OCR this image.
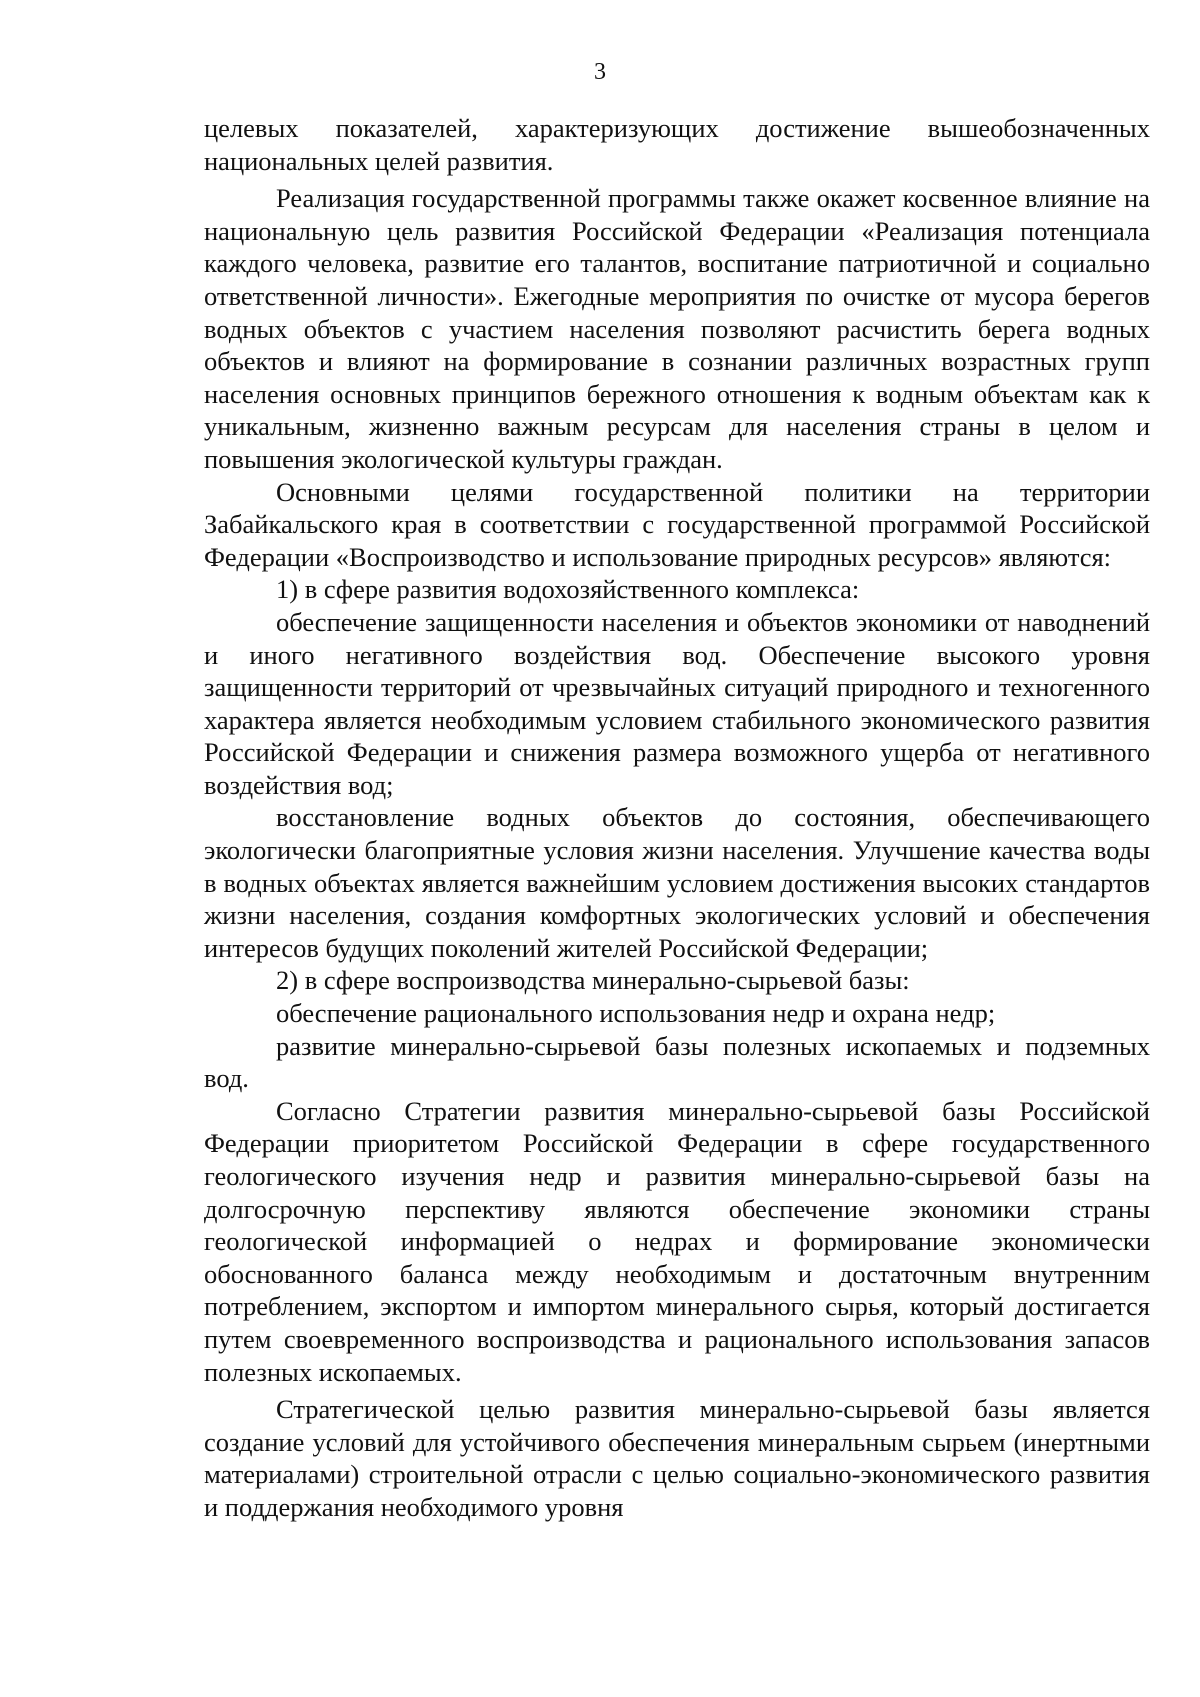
3

целевых показателей, характеризующих достижение вышеобозначенных национальных целей развития.

Реализация государственной программы также окажет косвенное влияние на национальную цель развития Российской Федерации «Реализация потенциала каждого человека, развитие его талантов, воспитание патриотичной и социально ответственной личности». Ежегодные мероприятия по очистке от мусора берегов водных объектов с участием населения позволяют расчистить берега водных объектов и влияют на формирование в сознании различных возрастных групп населения основных принципов бережного отношения к водным объектам как к уникальным, жизненно важным ресурсам для населения страны в целом и повышения экологической культуры граждан.

Основными целями государственной политики на территории Забайкальского края в соответствии с государственной программой Российской Федерации «Воспроизводство и использование природных ресурсов» являются:

1) в сфере развития водохозяйственного комплекса:

обеспечение защищенности населения и объектов экономики от наводнений и иного негативного воздействия вод. Обеспечение высокого уровня защищенности территорий от чрезвычайных ситуаций природного и техногенного характера является необходимым условием стабильного экономического развития Российской Федерации и снижения размера возможного ущерба от негативного воздействия вод;

восстановление водных объектов до состояния, обеспечивающего экологически благоприятные условия жизни населения. Улучшение качества воды в водных объектах является важнейшим условием достижения высоких стандартов жизни населения, создания комфортных экологических условий и обеспечения интересов будущих поколений жителей Российской Федерации;

2) в сфере воспроизводства минерально-сырьевой базы:

обеспечение рационального использования недр и охрана недр;

развитие минерально-сырьевой базы полезных ископаемых и подземных вод.

Согласно Стратегии развития минерально-сырьевой базы Российской Федерации приоритетом Российской Федерации в сфере государственного геологического изучения недр и развития минерально-сырьевой базы на долгосрочную перспективу являются обеспечение экономики страны геологической информацией о недрах и формирование экономически обоснованного баланса между необходимым и достаточным внутренним потреблением, экспортом и импортом минерального сырья, который достигается путем своевременного воспроизводства и рационального использования запасов полезных ископаемых.

Стратегической целью развития минерально-сырьевой базы является создание условий для устойчивого обеспечения минеральным сырьем (инертными материалами) строительной отрасли с целью социально-экономического развития и поддержания необходимого уровня
